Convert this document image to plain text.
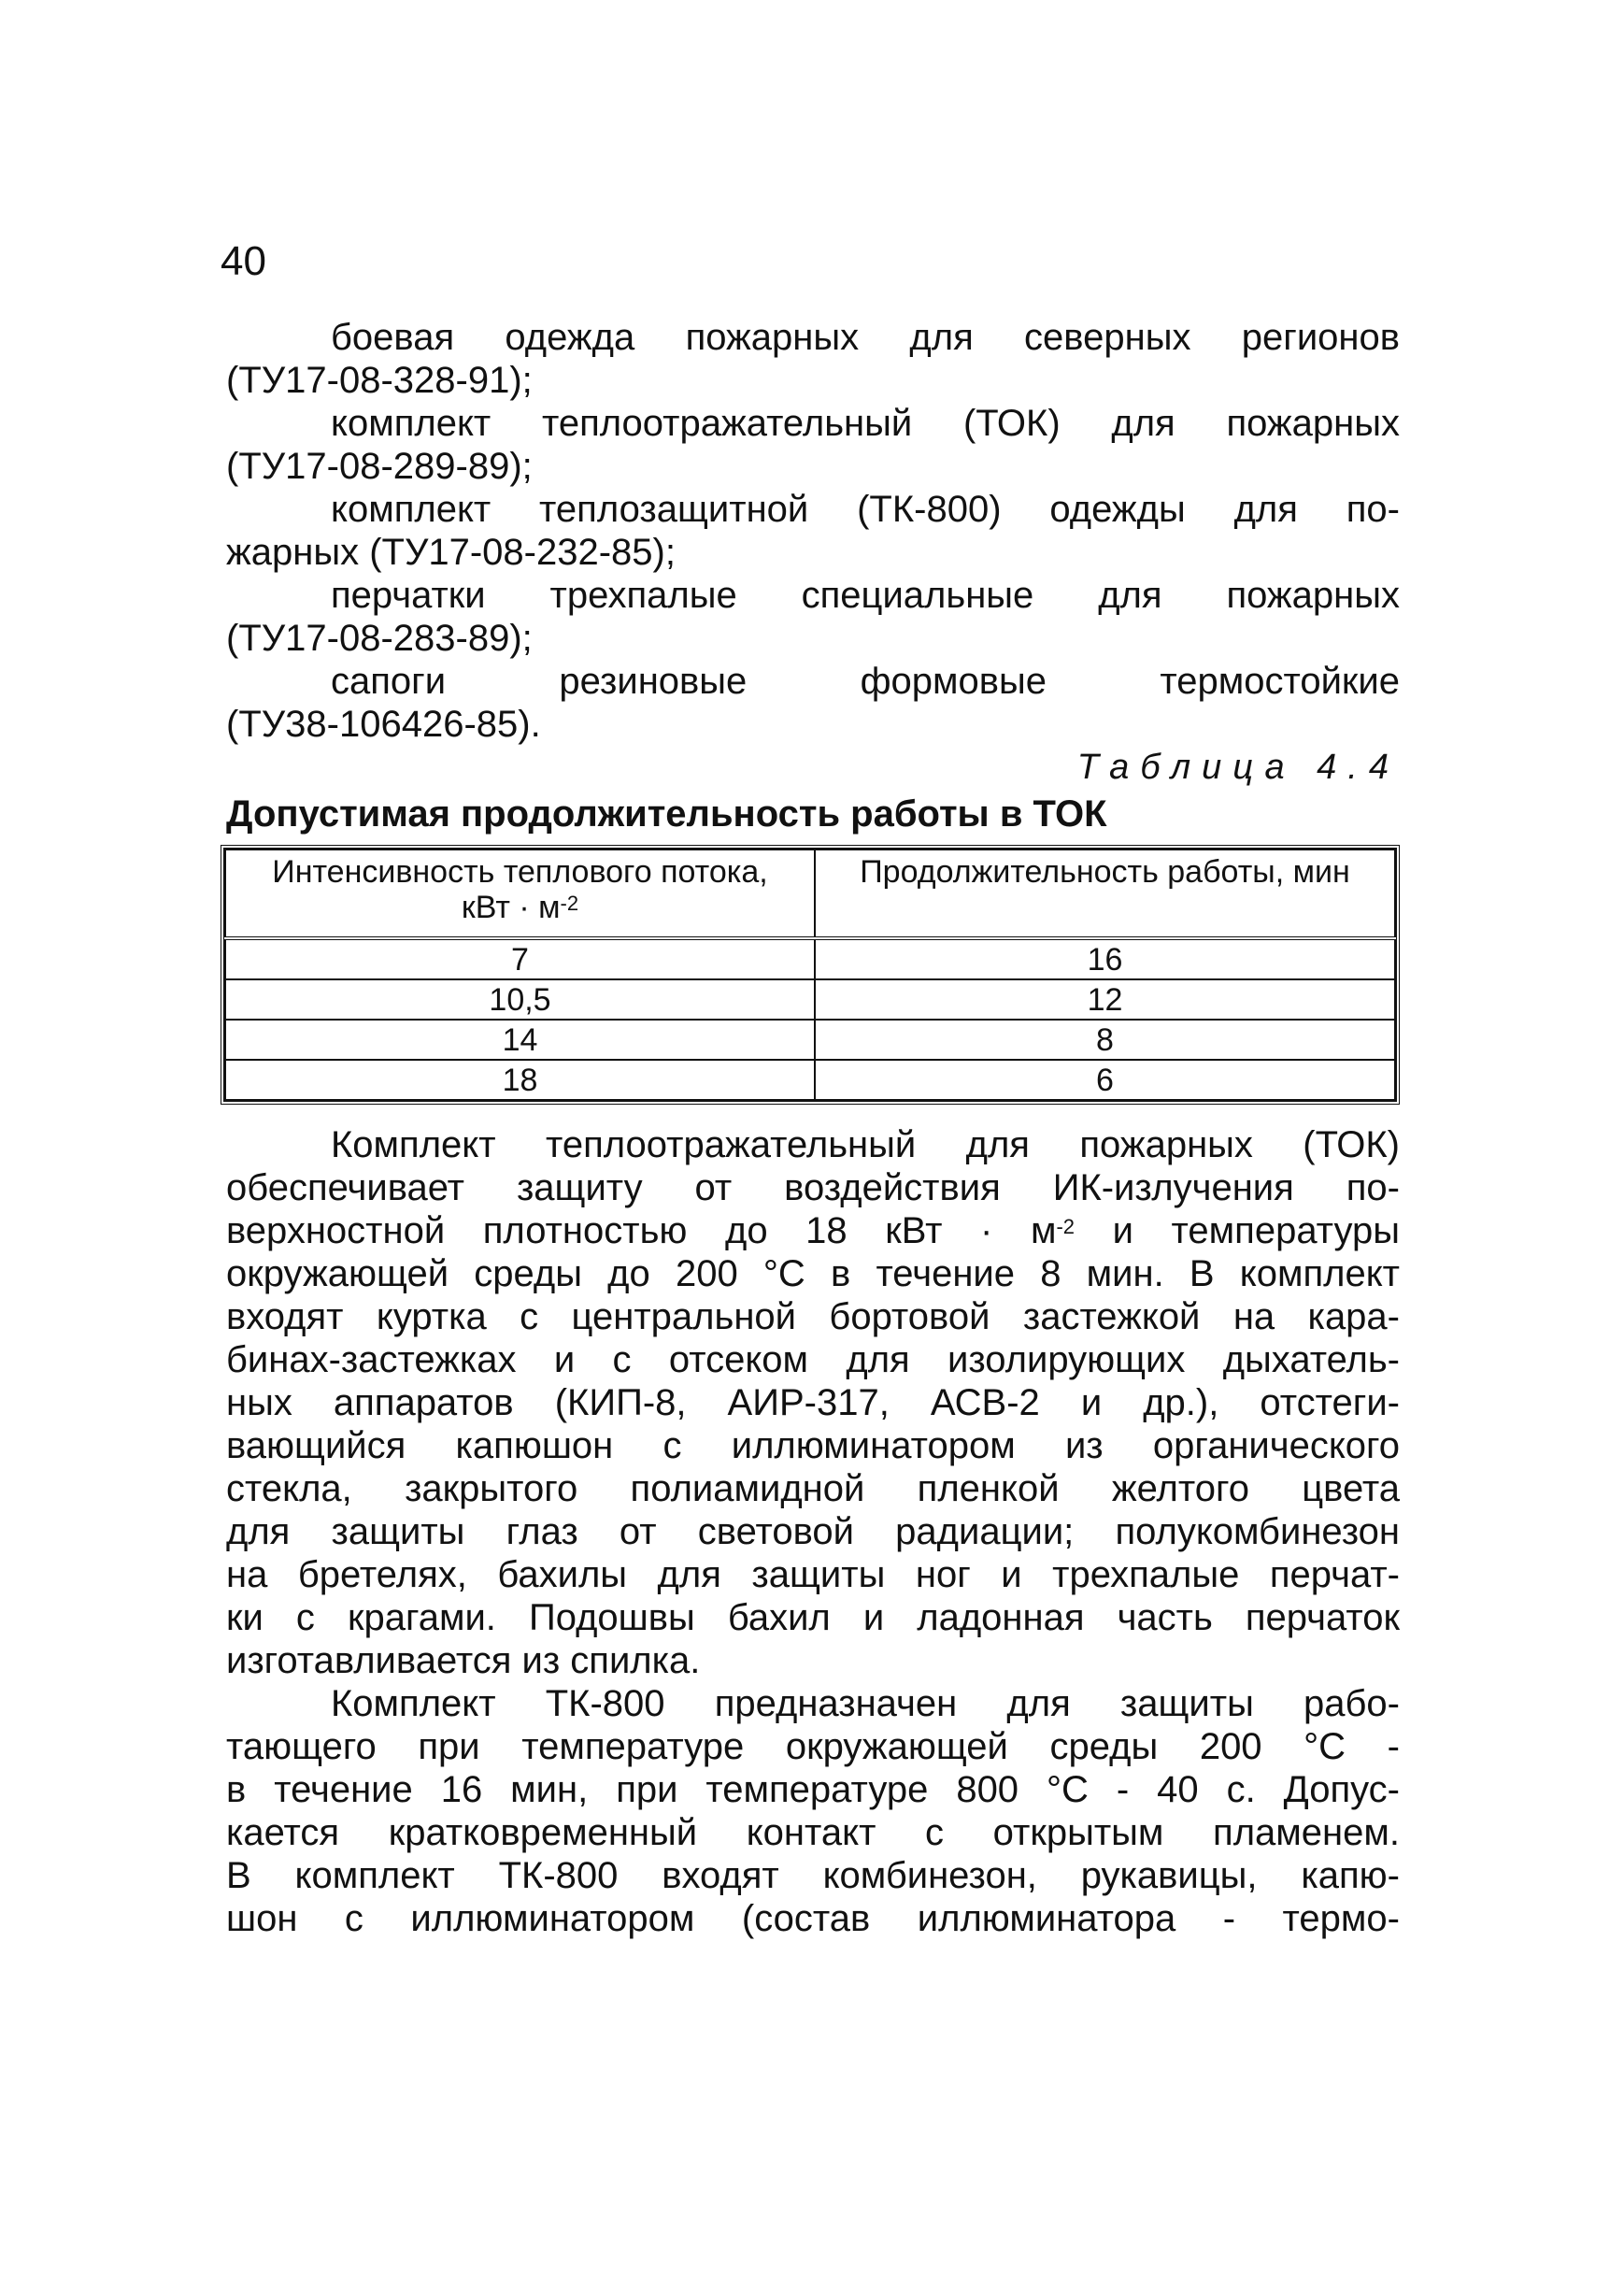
40
боевая одежда пожарных для северных регионов
(ТУ17-08-328-91);
комплект теплоотражательный (ТОК) для пожарных
(ТУ17-08-289-89);
комплект теплозащитной (ТК-800) одежды для по-
жарных (ТУ17-08-232-85);
перчатки трехпалые специальные для пожарных
(ТУ17-08-283-89);
сапоги резиновые формовые термостойкие
(ТУ38-106426-85).
Таблица 4.4
Допустимая продолжительность работы в ТОК
Интенсивность теплового потока,
кВт · $м^{-2}$	Продолжительность работы, мин
7	16
10,5	12
14	8
18	6
Комплект теплоотражательный для пожарных (ТОК)
обеспечивает защиту от воздействия ИК-излучения по-
верхностной плотностью до 18 кВт · $м^{-2}$ и температуры
окружающей среды до 200 °С в течение 8 мин. В комплект
входят куртка с центральной бортовой застежкой на кара-
бинах-застежках и с отсеком для изолирующих дыхатель-
ных аппаратов (КИП-8, АИР-317, АСВ-2 и др.), отстеги-
вающийся капюшон с иллюминатором из органического
стекла, закрытого полиамидной пленкой желтого цвета
для защиты глаз от световой радиации; полукомбинезон
на бретелях, бахилы для защиты ног и трехпалые перчат-
ки с крагами. Подошвы бахил и ладонная часть перчаток
изготавливается из спилка.
Комплект ТК-800 предназначен для защиты рабо-
тающего при температуре окружающей среды 200 °С -
в течение 16 мин, при температуре 800 °С - 40 с. Допус-
кается кратковременный контакт с открытым пламенем.
В комплект ТК-800 входят комбинезон, рукавицы, капю-
шон с иллюминатором (состав иллюминатора - термо-
